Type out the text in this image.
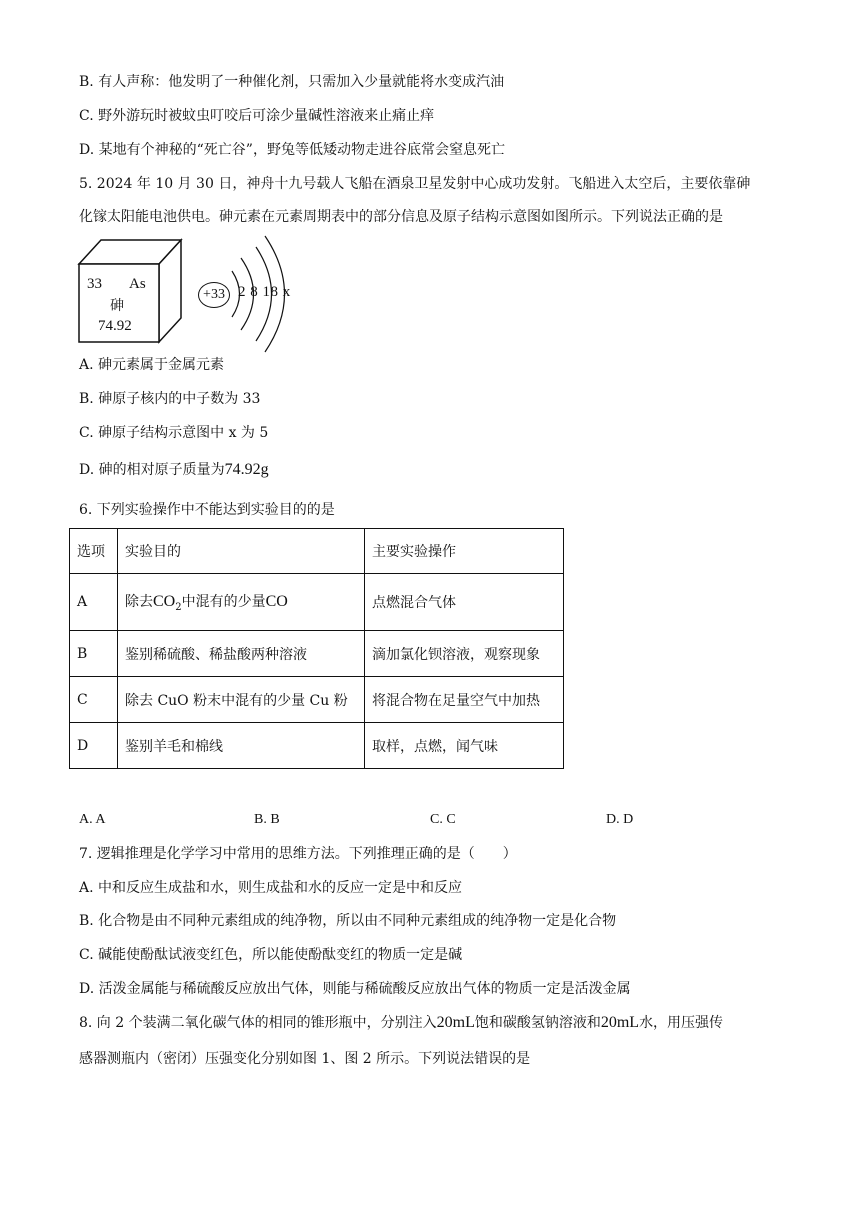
B. 有人声称：他发明了一种催化剂，只需加入少量就能将水变成汽油
C. 野外游玩时被蚊虫叮咬后可涂少量碱性溶液来止痛止痒
D. 某地有个神秘的“死亡谷”，野兔等低矮动物走进谷底常会窒息死亡
5. 2024 年 10 月 30 日，神舟十九号载人飞船在酒泉卫星发射中心成功发射。飞船进入太空后，主要依靠砷
化镓太阳能电池供电。砷元素在元素周期表中的部分信息及原子结构示意图如图所示。下列说法正确的是
33 As
砷
74.92
+33 2 8 18 x
A. 砷元素属于金属元素
B. 砷原子核内的中子数为 33
C. 砷原子结构示意图中 x 为 5
D. 砷的相对原子质量为74.92g
6. 下列实验操作中不能达到实验目的的是
选项	实验目的	主要实验操作
A	除去$CO_2$中混有的少量CO	点燃混合气体
B	鉴别稀硫酸、稀盐酸两种溶液	滴加氯化钡溶液，观察现象
C	除去 CuO 粉末中混有的少量 Cu 粉	将混合物在足量空气中加热
D	鉴别羊毛和棉线	取样，点燃，闻气味
A. A	B. B	C. C	D. D
7. 逻辑推理是化学学习中常用的思维方法。下列推理正确的是（　　）
A. 中和反应生成盐和水，则生成盐和水的反应一定是中和反应
B. 化合物是由不同种元素组成的纯净物，所以由不同种元素组成的纯净物一定是化合物
C. 碱能使酚酞试液变红色，所以能使酚酞变红的物质一定是碱
D. 活泼金属能与稀硫酸反应放出气体，则能与稀硫酸反应放出气体的物质一定是活泼金属
8. 向 2 个装满二氧化碳气体的相同的锥形瓶中，分别注入20mL饱和碳酸氢钠溶液和20mL水，用压强传
感器测瓶内（密闭）压强变化分别如图 1、图 2 所示。下列说法错误的是
